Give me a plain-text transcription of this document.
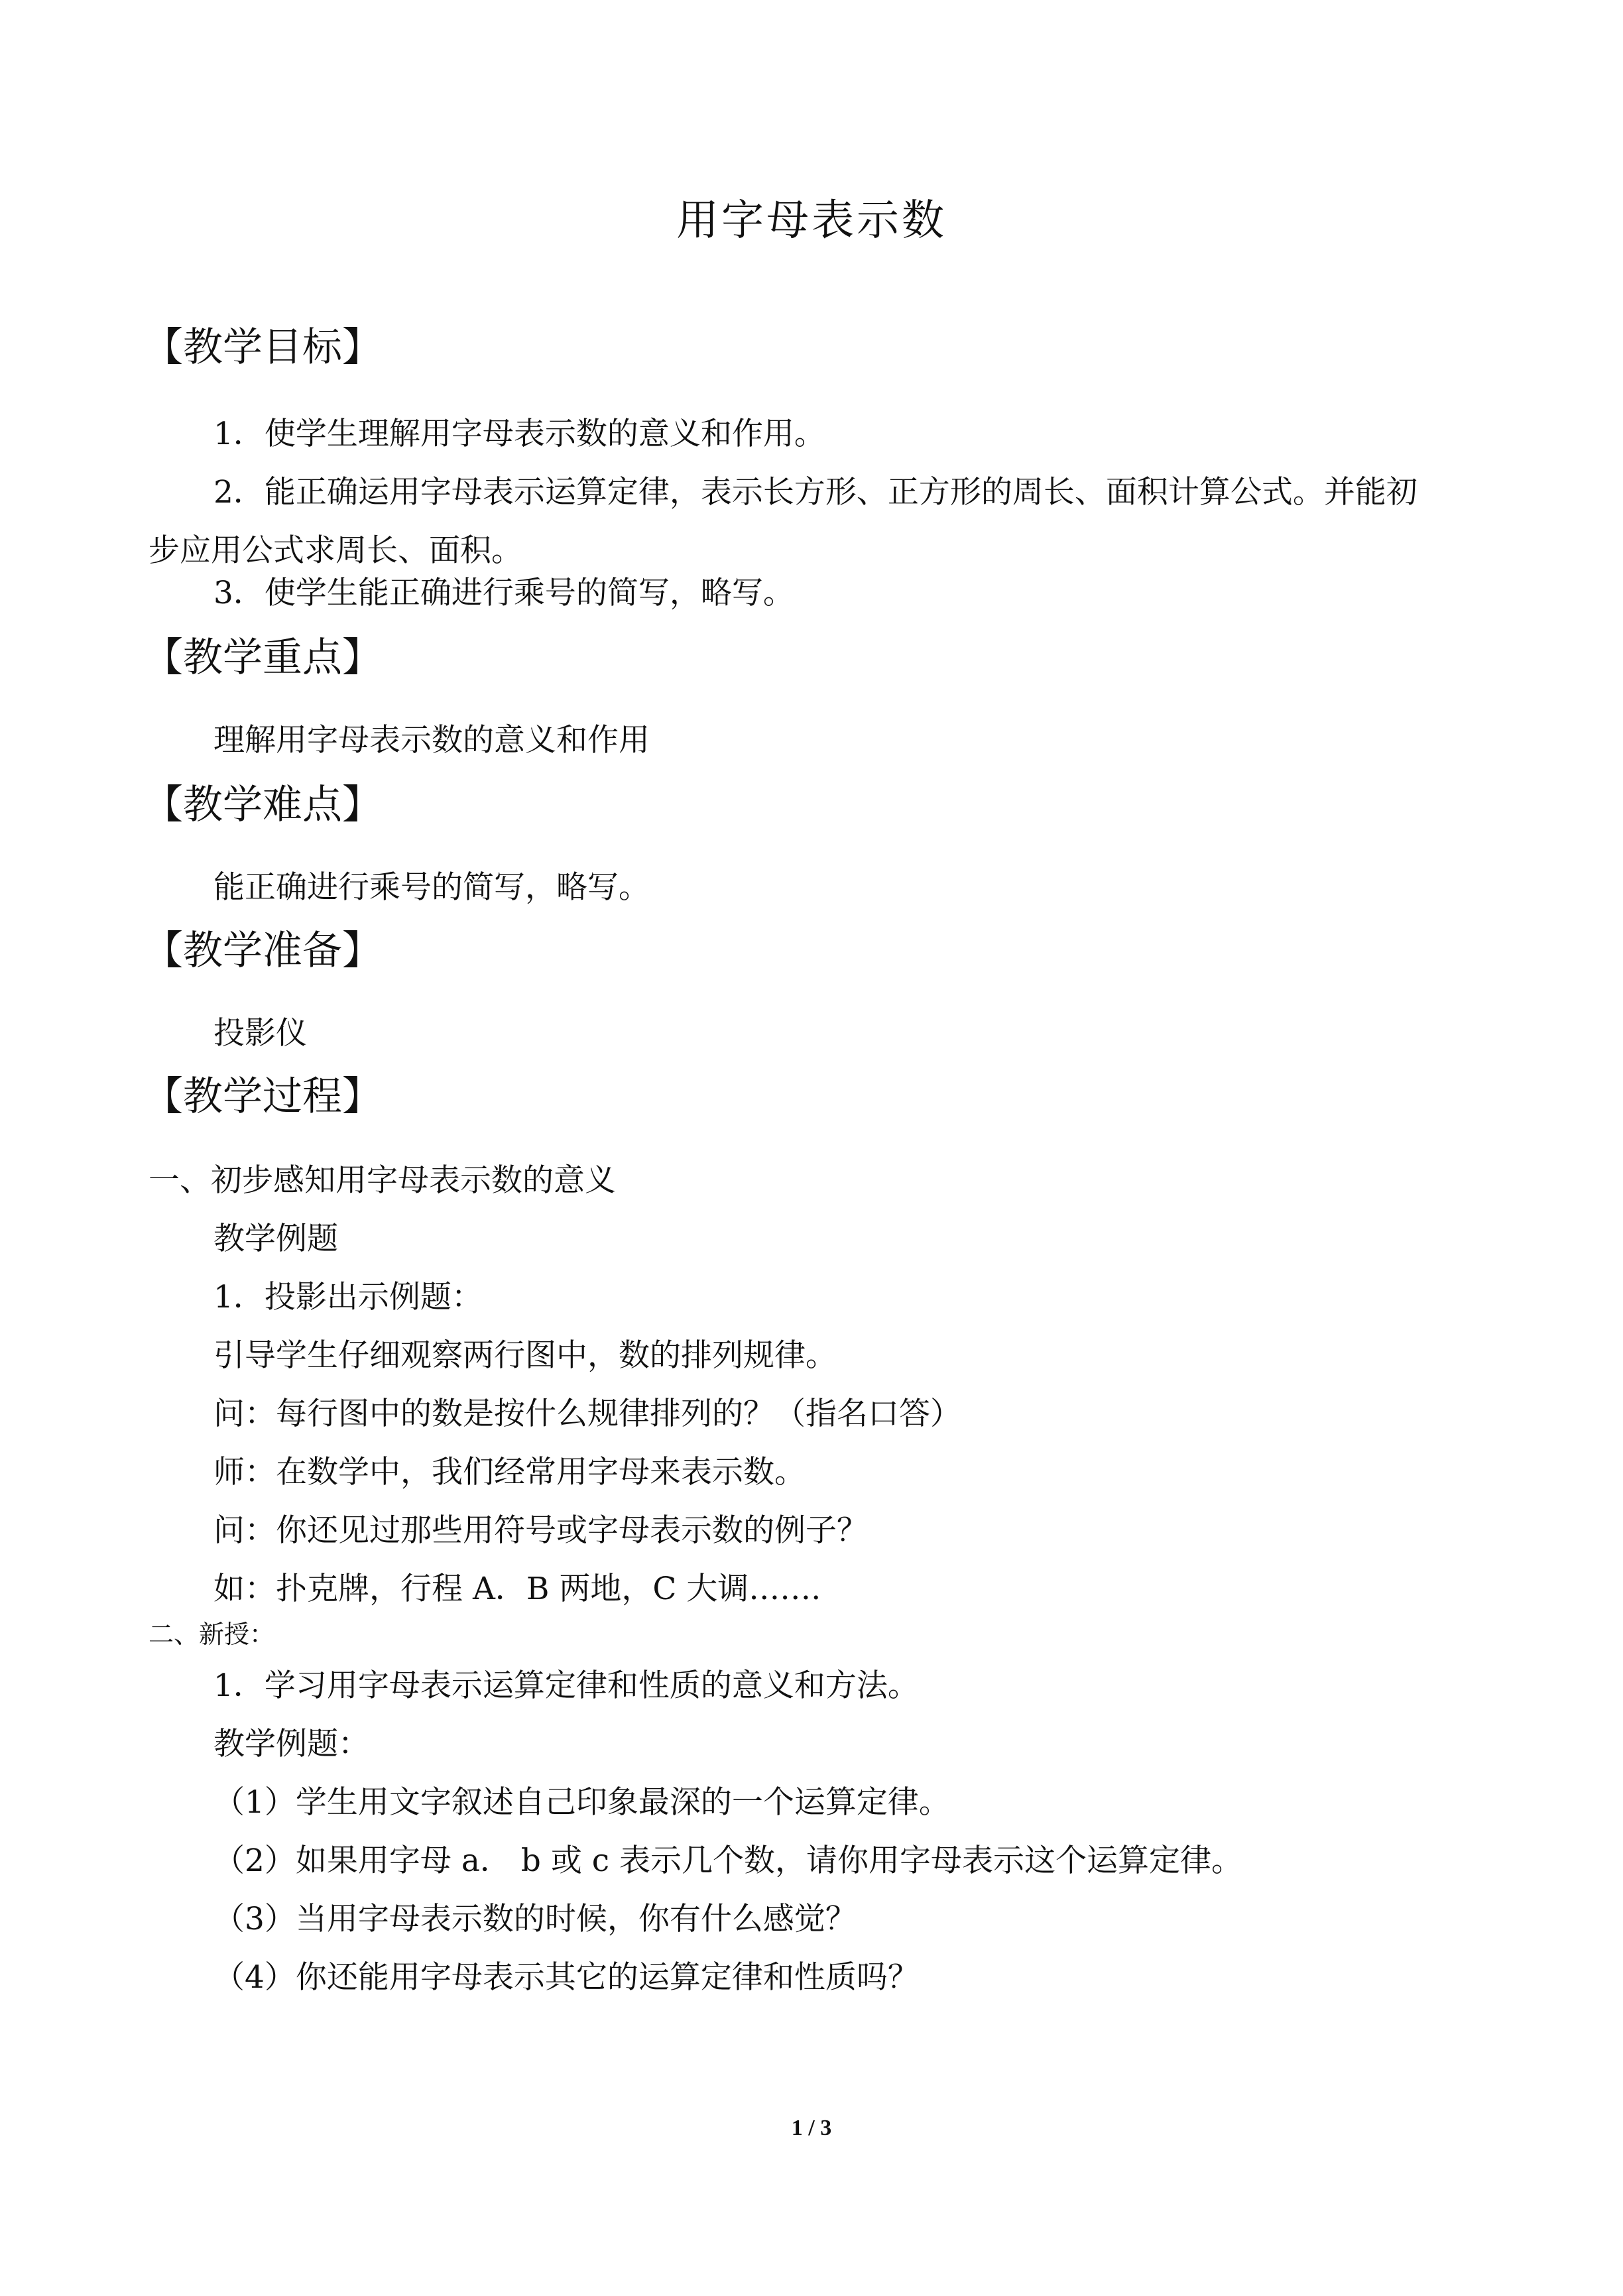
用字母表示数
【教学目标】
1．使学生理解用字母表示数的意义和作用。
2．能正确运用字母表示运算定律，表示长方形、正方形的周长、面积计算公式。并能初
步应用公式求周长、面积。
3．使学生能正确进行乘号的简写，略写。
【教学重点】
理解用字母表示数的意义和作用
【教学难点】
能正确进行乘号的简写，略写。
【教学准备】
投影仪
【教学过程】
一、初步感知用字母表示数的意义
教学例题
1．投影出示例题：
引导学生仔细观察两行图中，数的排列规律。
问：每行图中的数是按什么规律排列的？（指名口答）
师：在数学中，我们经常用字母来表示数。
问：你还见过那些用符号或字母表示数的例子？
如：扑克牌，行程 A．B 两地，C 大调…….
二、新授：
1．学习用字母表示运算定律和性质的意义和方法。
教学例题：
（1）学生用文字叙述自己印象最深的一个运算定律。
（2）如果用字母 a． b 或 c 表示几个数，请你用字母表示这个运算定律。
（3）当用字母表示数的时候，你有什么感觉？
（4）你还能用字母表示其它的运算定律和性质吗？
1 / 3
